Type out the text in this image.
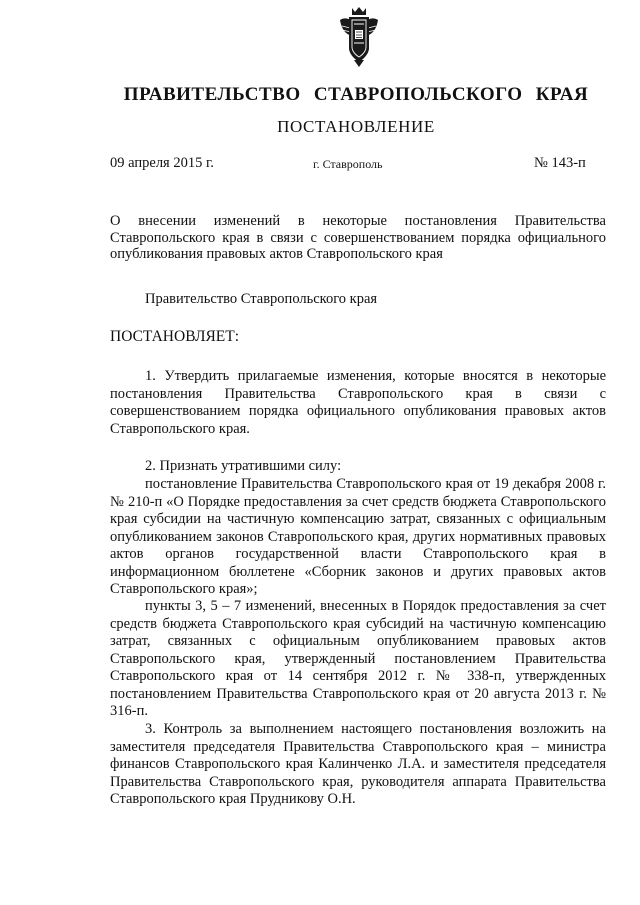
ПРАВИТЕЛЬСТВО СТАВРОПОЛЬСКОГО КРАЯ
ПОСТАНОВЛЕНИЕ
09 апреля 2015 г.	г. Ставрополь	№ 143-п
О внесении изменений в некоторые постановления Правительства Ставропольского края в связи с совершенствованием порядка официального опубликования правовых актов Ставропольского края
Правительство Ставропольского края
ПОСТАНОВЛЯЕТ:

1. Утвердить прилагаемые изменения, которые вносятся в некоторые постановления Правительства Ставропольского края в связи с совершенствованием порядка официального опубликования правовых актов Ставропольского края.

2. Признать утратившими силу:

постановление Правительства Ставропольского края от 19 декабря 2008 г. № 210-п «О Порядке предоставления за счет средств бюджета Ставропольского края субсидии на частичную компенсацию затрат, связанных с официальным опубликованием законов Ставропольского края, других нормативных правовых актов органов государственной власти Ставропольского края в информационном бюллетене «Сборник законов и других правовых актов Ставропольского края»;

пункты 3, 5 – 7 изменений, внесенных в Порядок предоставления за счет средств бюджета Ставропольского края субсидий на частичную компенсацию затрат, связанных с официальным опубликованием правовых актов Ставропольского края, утвержденный постановлением Правительства Ставропольского края от 14 сентября 2012 г. № 338-п, утвержденных постановлением Правительства Ставропольского края от 20 августа 2013 г. № 316-п.

3. Контроль за выполнением настоящего постановления возложить на заместителя председателя Правительства Ставропольского края – министра финансов Ставропольского края Калинченко Л.А. и заместителя председателя Правительства Ставропольского края, руководителя аппарата Правительства Ставропольского края Прудникову О.Н.
